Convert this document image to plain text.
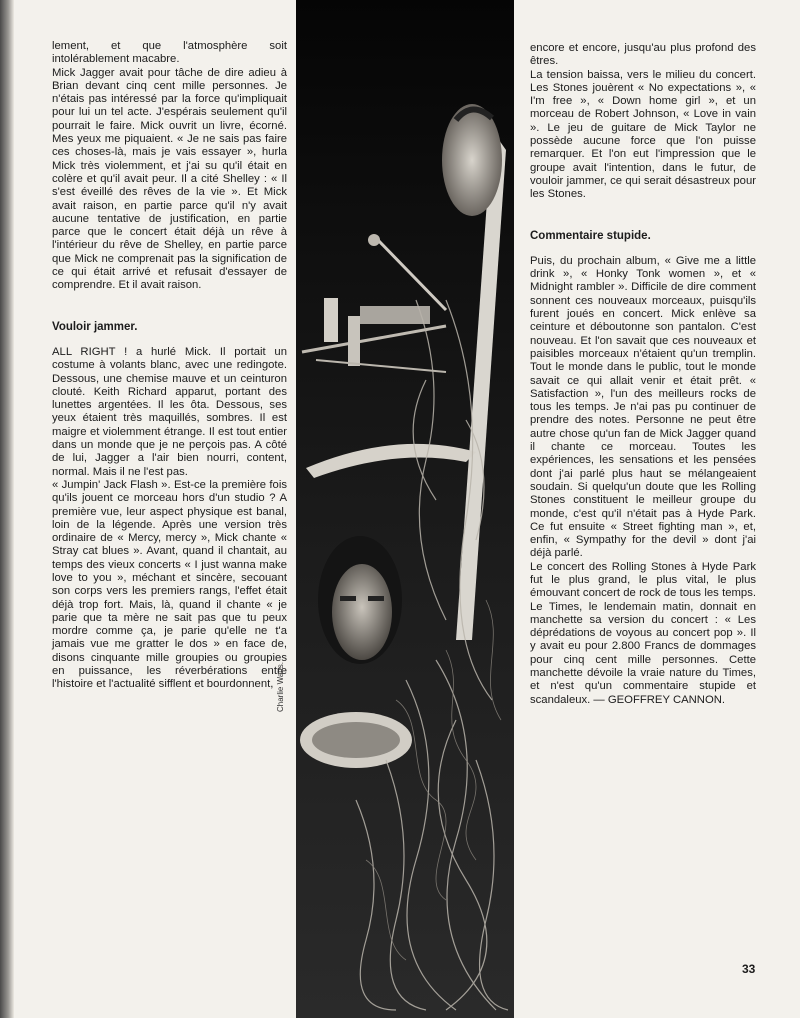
lement, et que l'atmosphère soit intolérablement macabre.

Mick Jagger avait pour tâche de dire adieu à Brian devant cinq cent mille personnes. Je n'étais pas intéressé par la force qu'impliquait pour lui un tel acte. J'espérais seulement qu'il pourrait le faire. Mick ouvrit un livre, écorné. Mes yeux me piquaient. « Je ne sais pas faire ces choses-là, mais je vais essayer », hurla Mick très violemment, et j'ai su qu'il était en colère et qu'il avait peur. Il a cité Shelley : « Il s'est éveillé des rêves de la vie ». Et Mick avait raison, en partie parce qu'il n'y avait aucune tentative de justification, en partie parce que le concert était déjà un rêve à l'intérieur du rêve de Shelley, en partie parce que Mick ne comprenait pas la signification de ce qui était arrivé et refusait d'essayer de comprendre. Et il avait raison.

Vouloir jammer.

ALL RIGHT ! a hurlé Mick. Il portait un costume à volants blanc, avec une redingote. Dessous, une chemise mauve et un ceinturon clouté. Keith Richard apparut, portant des lunettes argentées. Il les ôta. Dessous, ses yeux étaient très maquillés, sombres. Il est maigre et violemment étrange. Il est tout entier dans un monde que je ne perçois pas. A côté de lui, Jagger a l'air bien nourri, content, normal. Mais il ne l'est pas.

« Jumpin' Jack Flash ». Est-ce la première fois qu'ils jouent ce morceau hors d'un studio ? A première vue, leur aspect physique est banal, loin de la légende. Après une version très ordinaire de « Mercy, mercy », Mick chante « Stray cat blues ». Avant, quand il chantait, au temps des vieux concerts « I just wanna make love to you », méchant et sincère, secouant son corps vers les premiers rangs, l'effet était déjà trop fort. Mais, là, quand il chante « je parie que ta mère ne sait pas que tu peux mordre comme ça, je parie qu'elle ne t'a jamais vue me gratter le dos » en face de, disons cinquante mille groupies ou groupies en puissance, les réverbérations entre l'histoire et l'actualité sifflent et bourdonnent, Charlie Watts.

encore et encore, jusqu'au plus profond des êtres.

La tension baissa, vers le milieu du concert. Les Stones jouèrent « No expectations », « I'm free », « Down home girl », et un morceau de Robert Johnson, « Love in vain ». Le jeu de guitare de Mick Taylor ne possède aucune force que l'on puisse remarquer. Et l'on eut l'impression que le groupe avait l'intention, dans le futur, de vouloir jammer, ce qui serait désastreux pour les Stones.

Commentaire stupide.

Puis, du prochain album, « Give me a little drink », « Honky Tonk women », et « Midnight rambler ». Difficile de dire comment sonnent ces nouveaux morceaux, puisqu'ils furent joués en concert. Mick enlève sa ceinture et déboutonne son pantalon. C'est nouveau. Et l'on savait que ces nouveaux et paisibles morceaux n'étaient qu'un tremplin. Tout le monde dans le public, tout le monde savait ce qui allait venir et était prêt. « Satisfaction », l'un des meilleurs rocks de tous les temps. Je n'ai pas pu continuer de prendre des notes. Personne ne peut être autre chose qu'un fan de Mick Jagger quand il chante ce morceau. Toutes les expériences, les sensations et les pensées dont j'ai parlé plus haut se mélangeaient soudain. Si quelqu'un doute que les Rolling Stones constituent le meilleur groupe du monde, c'est qu'il n'était pas à Hyde Park. Ce fut ensuite « Street fighting man », et, enfin, « Sympathy for the devil » dont j'ai déjà parlé.

Le concert des Rolling Stones à Hyde Park fut le plus grand, le plus vital, le plus émouvant concert de rock de tous les temps. Le Times, le lendemain matin, donnait en manchette sa version du concert : « Les déprédations de voyous au concert pop ». Il y avait eu pour 2.800 Francs de dommages pour cinq cent mille personnes. Cette manchette dévoile la vraie nature du Times, et n'est qu'un commentaire stupide et scandaleux. — GEOFFREY CANNON.

33
